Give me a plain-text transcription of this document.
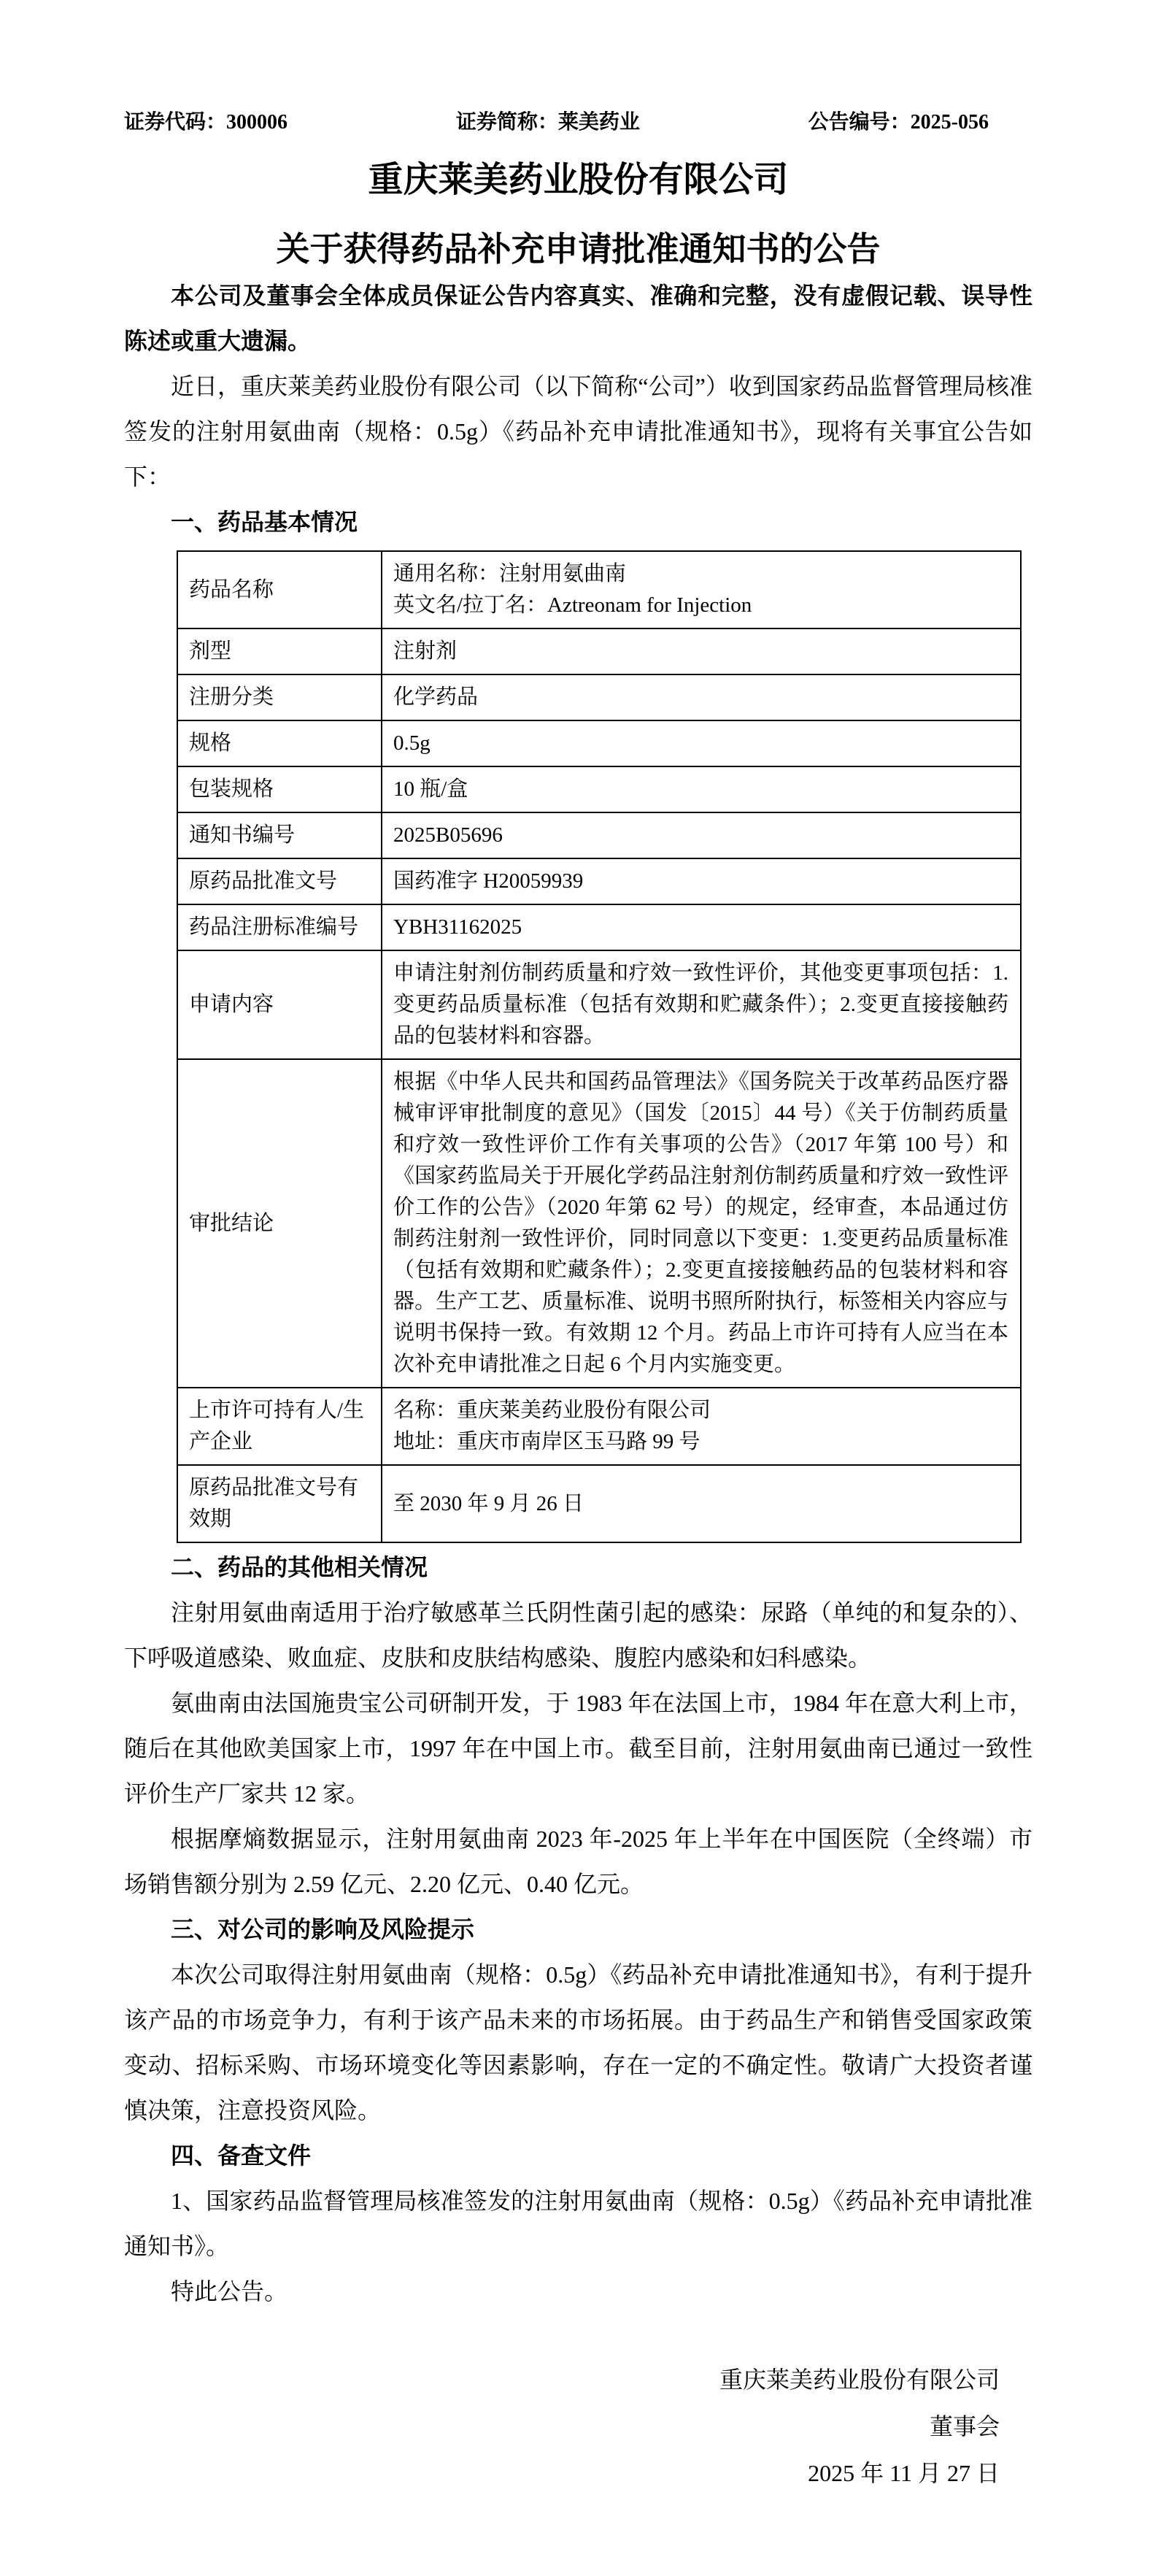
证券代码：300006	证券简称：莱美药业	公告编号：2025-056
重庆莱美药业股份有限公司
关于获得药品补充申请批准通知书的公告

本公司及董事会全体成员保证公告内容真实、准确和完整，没有虚假记载、误导性陈述或重大遗漏。

近日，重庆莱美药业股份有限公司（以下简称“公司”）收到国家药品监督管理局核准签发的注射用氨曲南（规格：0.5g）《药品补充申请批准通知书》，现将有关事宜公告如下：

一、药品基本情况

药品名称	通用名称：注射用氨曲南
英文名/拉丁名：Aztreonam for Injection

剂型	注射剂
注册分类	化学药品
规格	0.5g
包装规格	10 瓶/盒
通知书编号	2025B05696
原药品批准文号	国药准字 H20059939
药品注册标准编号	YBH31162025
申请内容	申请注射剂仿制药质量和疗效一致性评价，其他变更事项包括：1.变更药品质量标准（包括有效期和贮藏条件）；2.变更直接接触药品的包装材料和容器。
审批结论	根据《中华人民共和国药品管理法》《国务院关于改革药品医疗器械审评审批制度的意见》（国发〔2015〕44 号）《关于仿制药质量和疗效一致性评价工作有关事项的公告》（2017 年第 100 号）和《国家药监局关于开展化学药品注射剂仿制药质量和疗效一致性评价工作的公告》（2020 年第 62 号）的规定，经审查，本品通过仿制药注射剂一致性评价，同时同意以下变更：1.变更药品质量标准（包括有效期和贮藏条件）；2.变更直接接触药品的包装材料和容器。生产工艺、质量标准、说明书照所附执行，标签相关内容应与说明书保持一致。有效期 12 个月。药品上市许可持有人应当在本次补充申请批准之日起 6 个月内实施变更。
上市许可持有人/生产企业	名称：重庆莱美药业股份有限公司
地址：重庆市南岸区玉马路 99 号

原药品批准文号有效期	至 2030 年 9 月 26 日

二、药品的其他相关情况

注射用氨曲南适用于治疗敏感革兰氏阴性菌引起的感染：尿路（单纯的和复杂的）、下呼吸道感染、败血症、皮肤和皮肤结构感染、腹腔内感染和妇科感染。

氨曲南由法国施贵宝公司研制开发，于 1983 年在法国上市，1984 年在意大利上市，随后在其他欧美国家上市，1997 年在中国上市。截至目前，注射用氨曲南已通过一致性评价生产厂家共 12 家。

根据摩熵数据显示，注射用氨曲南 2023 年-2025 年上半年在中国医院（全终端）市场销售额分别为 2.59 亿元、2.20 亿元、0.40 亿元。

三、对公司的影响及风险提示

本次公司取得注射用氨曲南（规格：0.5g）《药品补充申请批准通知书》，有利于提升该产品的市场竞争力，有利于该产品未来的市场拓展。由于药品生产和销售受国家政策变动、招标采购、市场环境变化等因素影响，存在一定的不确定性。敬请广大投资者谨慎决策，注意投资风险。

四、备查文件

1、国家药品监督管理局核准签发的注射用氨曲南（规格：0.5g）《药品补充申请批准通知书》。

特此公告。

重庆莱美药业股份有限公司
董事会
2025 年 11 月 27 日
